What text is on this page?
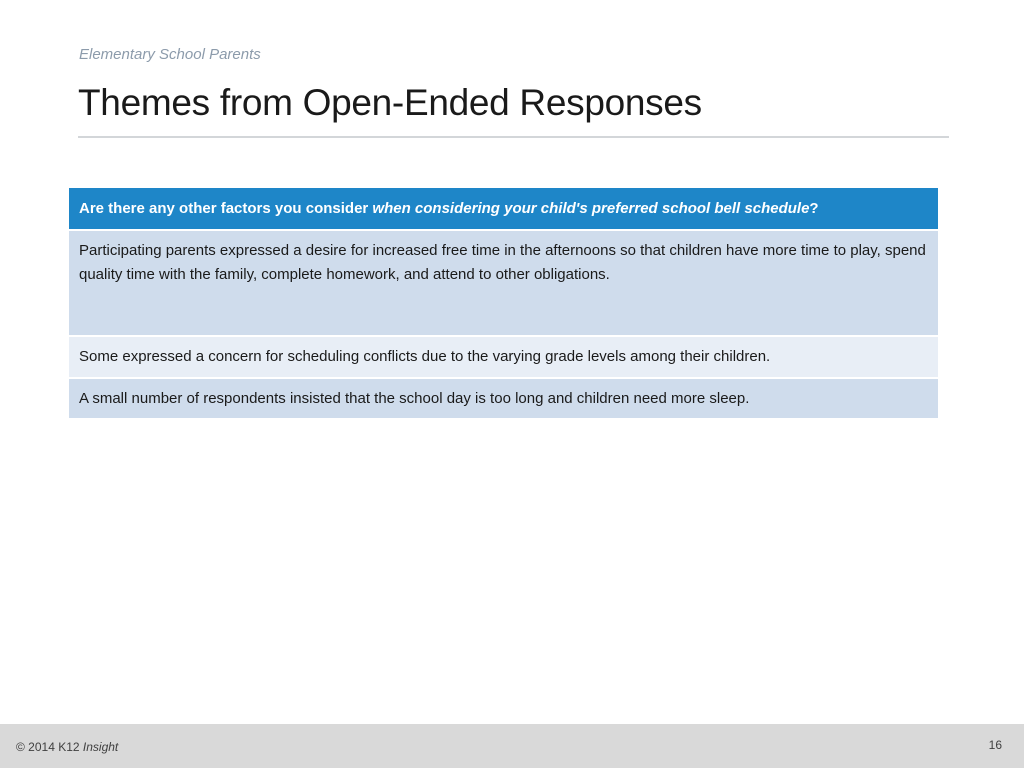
Elementary School Parents
Themes from Open-Ended Responses
Are there any other factors you consider when considering your child's preferred school bell schedule?
Participating parents expressed a desire for increased free time in the afternoons so that children have more time to play, spend quality time with the family, complete homework, and attend to other obligations.
Some expressed a concern for scheduling conflicts due to the varying grade levels among their children.
A small number of respondents insisted that the school day is too long and children need more sleep.
© 2014 K12 Insight	16
